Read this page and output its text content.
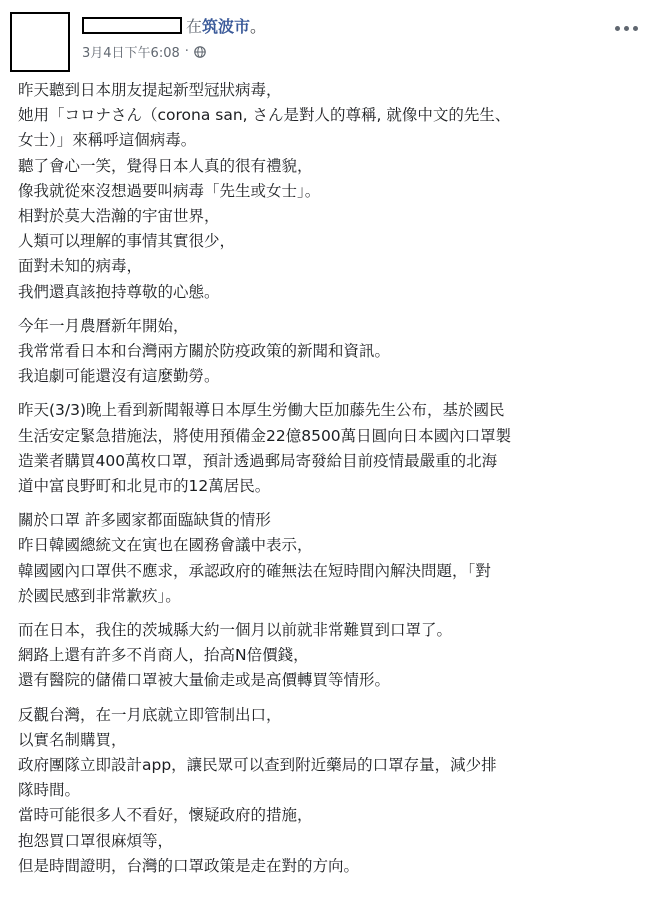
在 筑波市 。
3月4日下午6:08 ·

昨天聽到日本朋友提起新型冠狀病毒，

她用「コロナさん（corona san, さん是對人的尊稱, 就像中文的先生、

女士）」來稱呼這個病毒。

聽了會心一笑，覺得日本人真的很有禮貌，

像我就從來沒想過要叫病毒「先生或女士」。

相對於莫大浩瀚的宇宙世界，

人類可以理解的事情其實很少，

面對未知的病毒，

我們還真該抱持尊敬的心態。

今年一月農曆新年開始，

我常常看日本和台灣兩方關於防疫政策的新聞和資訊。

我追劇可能還沒有這麼勤勞。

昨天(3/3)晚上看到新聞報導日本厚生労働大臣加藤先生公布，基於國民

生活安定緊急措施法，將使用預備金22億8500萬日圓向日本國內口罩製

造業者購買400萬枚口罩，預計透過郵局寄發給目前疫情最嚴重的北海

道中富良野町和北見市的12萬居民。

關於口罩 許多國家都面臨缺貨的情形

昨日韓國總統文在寅也在國務會議中表示，

韓國國內口罩供不應求，承認政府的確無法在短時間內解決問題，「對

於國民感到非常歉疚」。

而在日本，我住的茨城縣大約一個月以前就非常難買到口罩了。

網路上還有許多不肖商人，抬高N倍價錢，

還有醫院的儲備口罩被大量偷走或是高價轉買等情形。

反觀台灣，在一月底就立即管制出口，

以實名制購買，

政府團隊立即設計app，讓民眾可以查到附近藥局的口罩存量，減少排

隊時間。

當時可能很多人不看好，懷疑政府的措施，

抱怨買口罩很麻煩等，

但是時間證明，台灣的口罩政策是走在對的方向。
